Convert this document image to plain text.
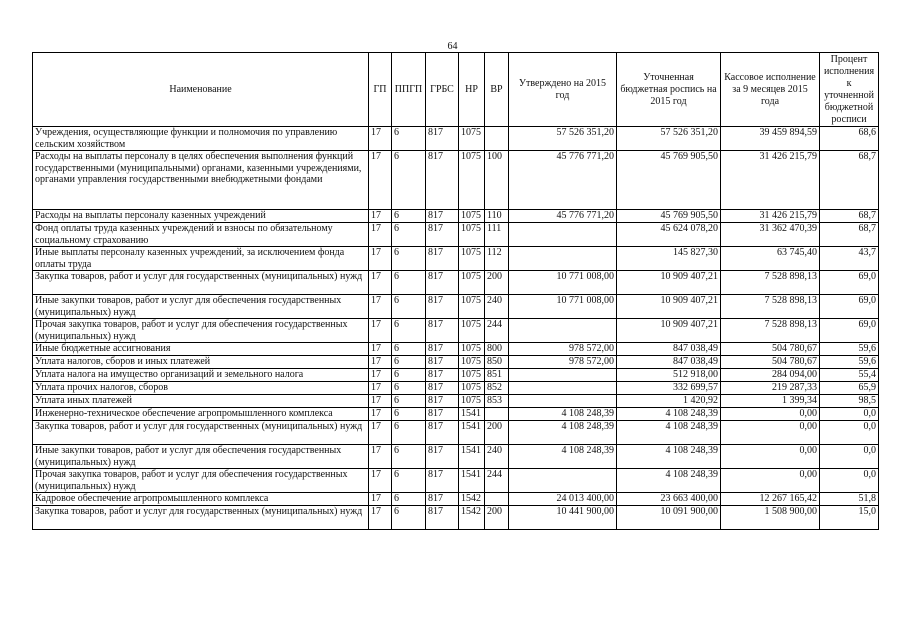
64
Наименование	ГП	ППГП	ГРБС	НР	ВР	Утверждено на 2015 год	Уточненная бюджетная роспись на 2015 год	Кассовое исполнение за 9 месяцев 2015 года	Процент исполнения к уточненной бюджетной росписи
Учреждения, осуществляющие функции и полномочия по управлению сельским хозяйством	17	6	817	1075		57 526 351,20	57 526 351,20	39 459 894,59	68,6
Расходы на выплаты персоналу в целях обеспечения выполнения функций государственными (муниципальными) органами, казенными учреждениями, органами управления государственными внебюджетными фондами	17	6	817	1075	100	45 776 771,20	45 769 905,50	31 426 215,79	68,7
Расходы на выплаты персоналу казенных учреждений	17	6	817	1075	110	45 776 771,20	45 769 905,50	31 426 215,79	68,7
Фонд оплаты труда казенных учреждений и взносы по обязательному социальному страхованию	17	6	817	1075	111		45 624 078,20	31 362 470,39	68,7
Иные выплаты персоналу казенных учреждений, за исключением фонда оплаты труда	17	6	817	1075	112		145 827,30	63 745,40	43,7
Закупка товаров, работ и услуг для государственных (муниципальных) нужд	17	6	817	1075	200	10 771 008,00	10 909 407,21	7 528 898,13	69,0
Иные закупки товаров, работ и услуг для обеспечения государственных (муниципальных) нужд	17	6	817	1075	240	10 771 008,00	10 909 407,21	7 528 898,13	69,0
Прочая закупка товаров, работ и услуг для обеспечения государственных (муниципальных) нужд	17	6	817	1075	244		10 909 407,21	7 528 898,13	69,0
Иные бюджетные ассигнования	17	6	817	1075	800	978 572,00	847 038,49	504 780,67	59,6
Уплата налогов, сборов и иных платежей	17	6	817	1075	850	978 572,00	847 038,49	504 780,67	59,6
Уплата налога на имущество организаций и земельного налога	17	6	817	1075	851		512 918,00	284 094,00	55,4
Уплата прочих налогов, сборов	17	6	817	1075	852		332 699,57	219 287,33	65,9
Уплата иных платежей	17	6	817	1075	853		1 420,92	1 399,34	98,5
Инженерно-техническое обеспечение агропромышленного комплекса	17	6	817	1541		4 108 248,39	4 108 248,39	0,00	0,0
Закупка товаров, работ и услуг для государственных (муниципальных) нужд	17	6	817	1541	200	4 108 248,39	4 108 248,39	0,00	0,0
Иные закупки товаров, работ и услуг для обеспечения государственных (муниципальных) нужд	17	6	817	1541	240	4 108 248,39	4 108 248,39	0,00	0,0
Прочая закупка товаров, работ и услуг для обеспечения государственных (муниципальных) нужд	17	6	817	1541	244		4 108 248,39	0,00	0,0
Кадровое обеспечение агропромышленного комплекса	17	6	817	1542		24 013 400,00	23 663 400,00	12 267 165,42	51,8
Закупка товаров, работ и услуг для государственных (муниципальных) нужд	17	6	817	1542	200	10 441 900,00	10 091 900,00	1 508 900,00	15,0
